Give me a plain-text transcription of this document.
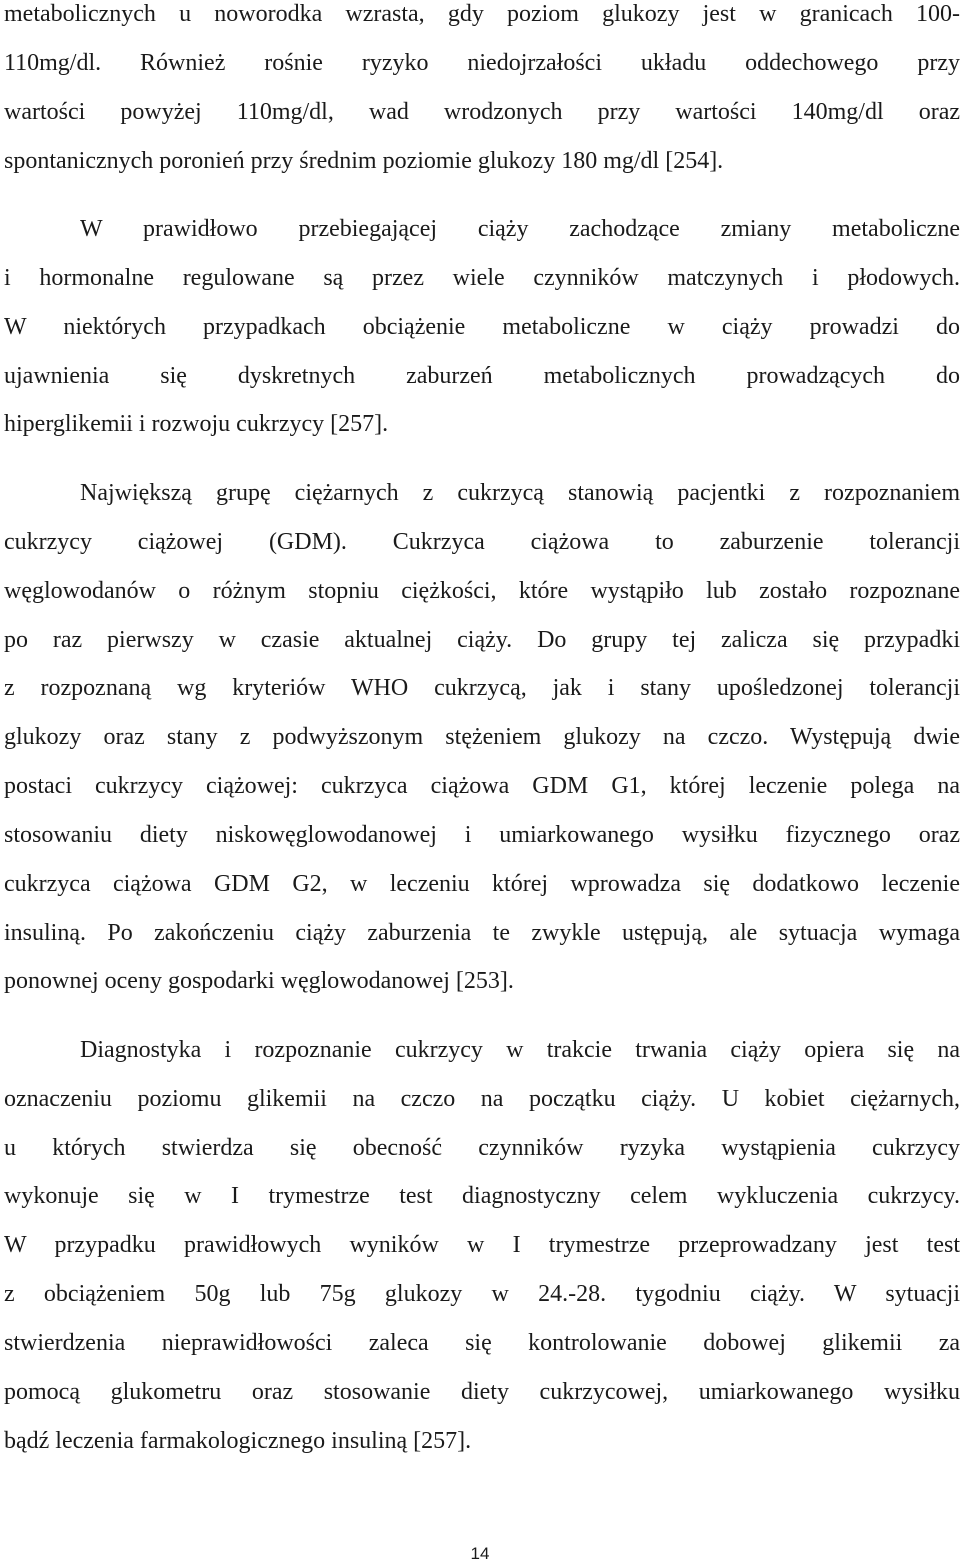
metabolicznych u noworodka wzrasta, gdy poziom glukozy jest w granicach 100-
110mg/dl. Również rośnie ryzyko niedojrzałości układu oddechowego przy
wartości powyżej 110mg/dl, wad wrodzonych przy wartości 140mg/dl oraz
spontanicznych poronień przy średnim poziomie glukozy 180 mg/dl [254].
W prawidłowo przebiegającej ciąży zachodzące zmiany metaboliczne
i hormonalne regulowane są przez wiele czynników matczynych i płodowych.
W niektórych przypadkach obciążenie metaboliczne w ciąży prowadzi do
ujawnienia się dyskretnych zaburzeń metabolicznych prowadzących do
hiperglikemii i rozwoju cukrzycy [257].
Największą grupę ciężarnych z cukrzycą stanowią pacjentki z rozpoznaniem
cukrzycy ciążowej (GDM). Cukrzyca ciążowa to zaburzenie tolerancji
węglowodanów o różnym stopniu ciężkości, które wystąpiło lub zostało rozpoznane
po raz pierwszy w czasie aktualnej ciąży. Do grupy tej zalicza się przypadki
z rozpoznaną wg kryteriów WHO cukrzycą, jak i stany upośledzonej tolerancji
glukozy oraz stany z podwyższonym stężeniem glukozy na czczo. Występują dwie
postaci cukrzycy ciążowej: cukrzyca ciążowa GDM G1, której leczenie polega na
stosowaniu diety niskowęglowodanowej i umiarkowanego wysiłku fizycznego oraz
cukrzyca ciążowa GDM G2, w leczeniu której wprowadza się dodatkowo leczenie
insuliną. Po zakończeniu ciąży zaburzenia te zwykle ustępują, ale sytuacja wymaga
ponownej oceny gospodarki węglowodanowej [253].
Diagnostyka i rozpoznanie cukrzycy w trakcie trwania ciąży opiera się na
oznaczeniu poziomu glikemii na czczo na początku ciąży. U kobiet ciężarnych,
u których stwierdza się obecność czynników ryzyka wystąpienia cukrzycy
wykonuje się w I trymestrze test diagnostyczny celem wykluczenia cukrzycy.
W przypadku prawidłowych wyników w I trymestrze przeprowadzany jest test
z obciążeniem 50g lub 75g glukozy w 24.-28. tygodniu ciąży. W sytuacji
stwierdzenia nieprawidłowości zaleca się kontrolowanie dobowej glikemii za
pomocą glukometru oraz stosowanie diety cukrzycowej, umiarkowanego wysiłku
bądź leczenia farmakologicznego insuliną [257].
14
